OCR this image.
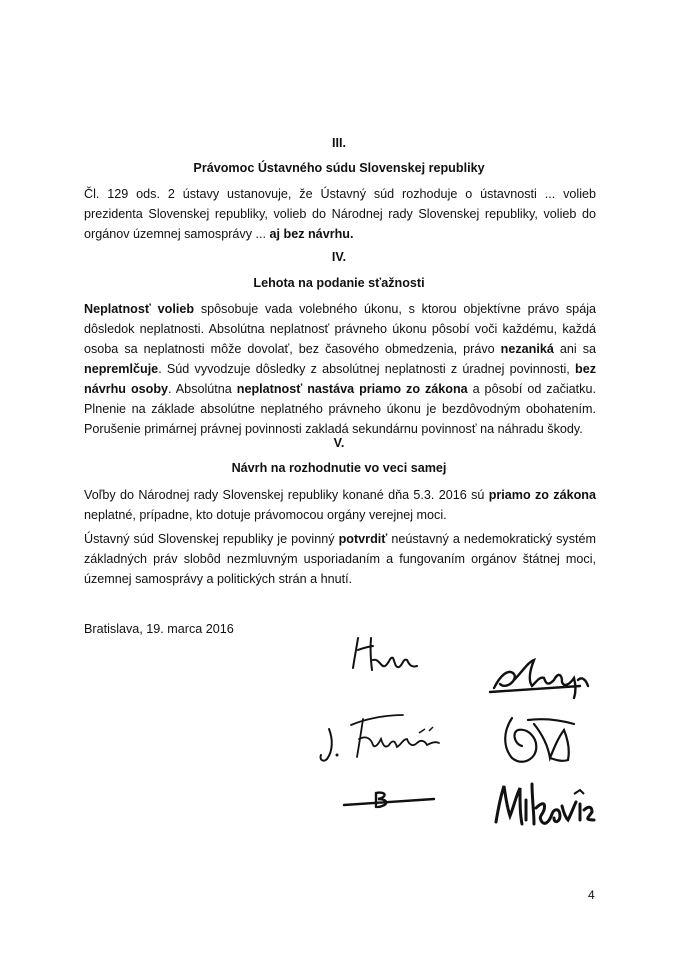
III.
Právomoc Ústavného súdu Slovenskej republiky
Čl. 129 ods. 2 ústavy ustanovuje, že Ústavný súd rozhoduje o ústavnosti ... volieb prezidenta Slovenskej republiky, volieb do Národnej rady Slovenskej republiky, volieb do orgánov územnej samosprávy ... aj bez návrhu.
IV.
Lehota na podanie sťažnosti
Neplatnosť volieb spôsobuje vada volebného úkonu, s ktorou objektívne právo spája dôsledok neplatnosti. Absolútna neplatnosť právneho úkonu pôsobí voči každému, každá osoba sa neplatnosti môže dovolať, bez časového obmedzenia, právo nezaniká ani sa nepremlčuje. Súd vyvodzuje dôsledky z absolútnej neplatnosti z úradnej povinnosti, bez návrhu osoby. Absolútna neplatnosť nastáva priamo zo zákona a pôsobí od začiatku. Plnenie na základe absolútne neplatného právneho úkonu je bezdôvodným obohatením. Porušenie primárnej právnej povinnosti zakladá sekundárnu povinnosť na náhradu škody.
V.
Návrh na rozhodnutie vo veci samej
Voľby do Národnej rady Slovenskej republiky konané dňa 5.3. 2016 sú priamo zo zákona neplatné, prípadne, kto dotuje právomocou orgány verejnej moci.
Ústavný súd Slovenskej republiky je povinný potvrdiť neústavný a nedemokratický systém základných práv slobôd nezmluvným usporiadaním a fungovaním orgánov štátnej moci, územnej samosprávy a politických strán a hnutí.
Bratislava, 19. marca 2016
4
